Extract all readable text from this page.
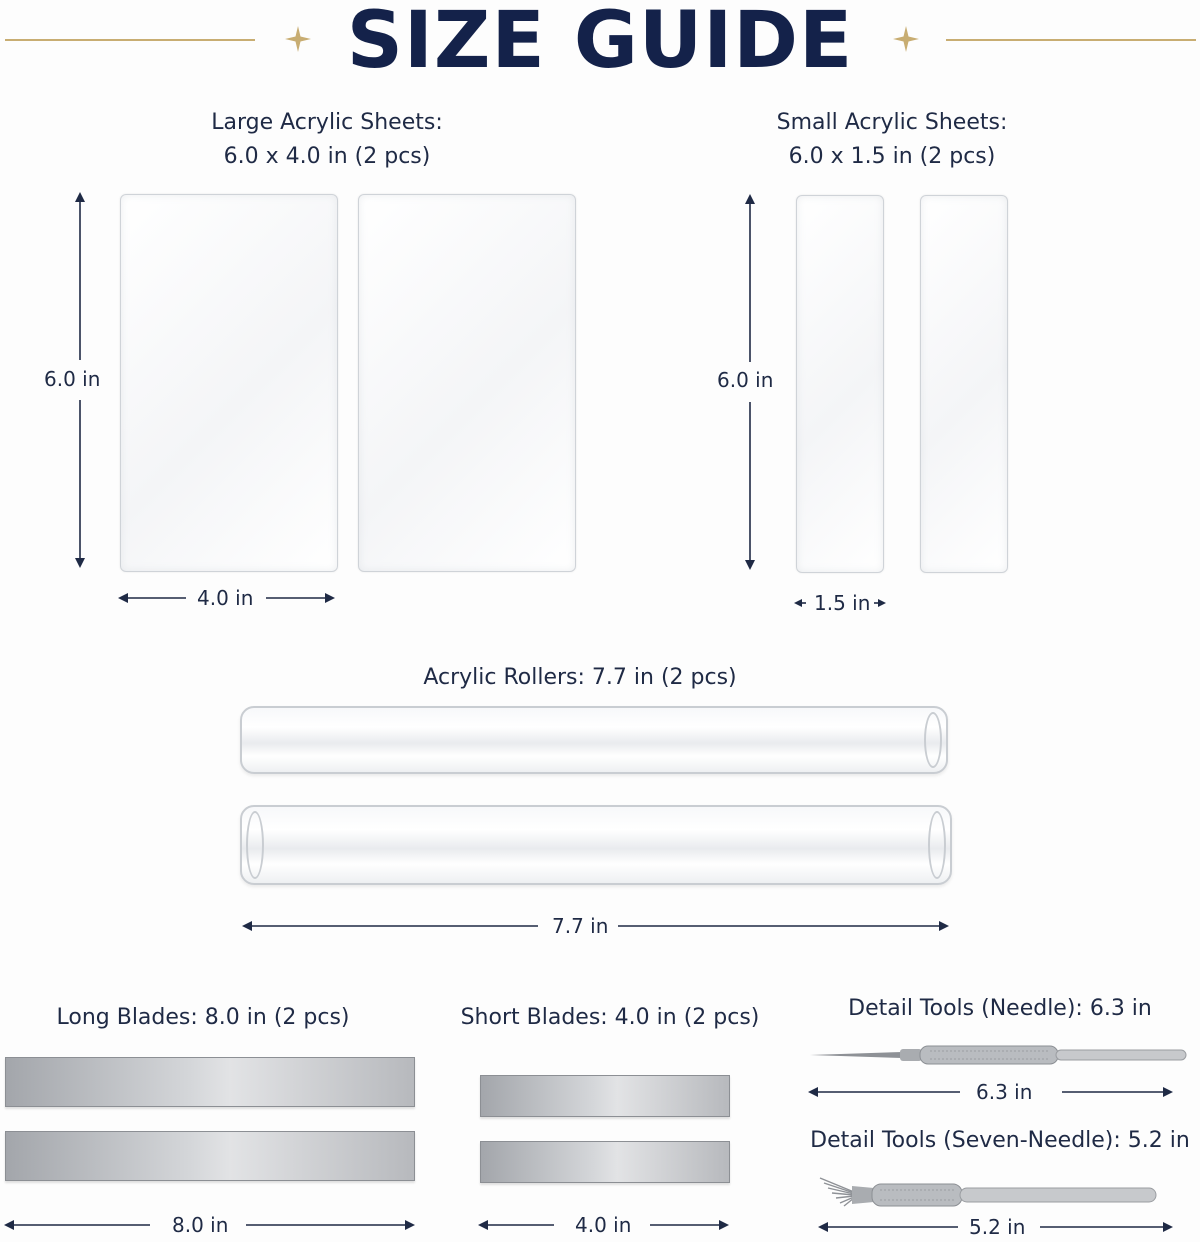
SIZE GUIDE
Large Acrylic Sheets:
6.0 x 4.0 in (2 pcs)
6.0 in
4.0 in
Small Acrylic Sheets:
6.0 x 1.5 in (2 pcs)
6.0 in
1.5 in
Acrylic Rollers: 7.7 in (2 pcs)
7.7 in
Long Blades: 8.0 in (2 pcs)
8.0 in
Short Blades: 4.0 in (2 pcs)
4.0 in
Detail Tools (Needle): 6.3 in
6.3 in
Detail Tools (Seven-Needle): 5.2 in
5.2 in
